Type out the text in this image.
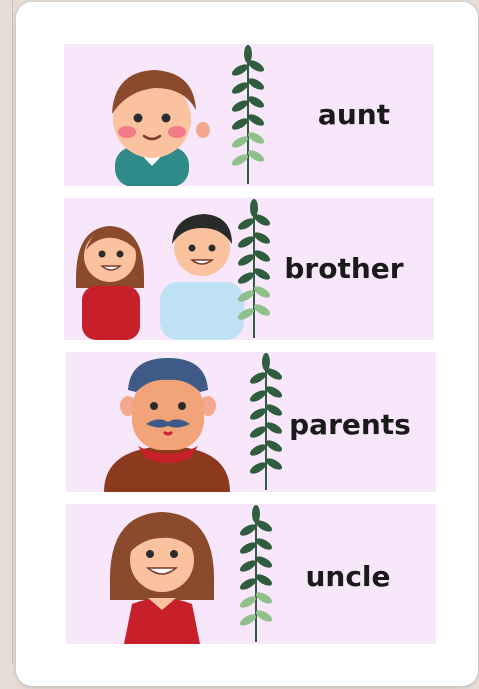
aunt
brother
parents
uncle
